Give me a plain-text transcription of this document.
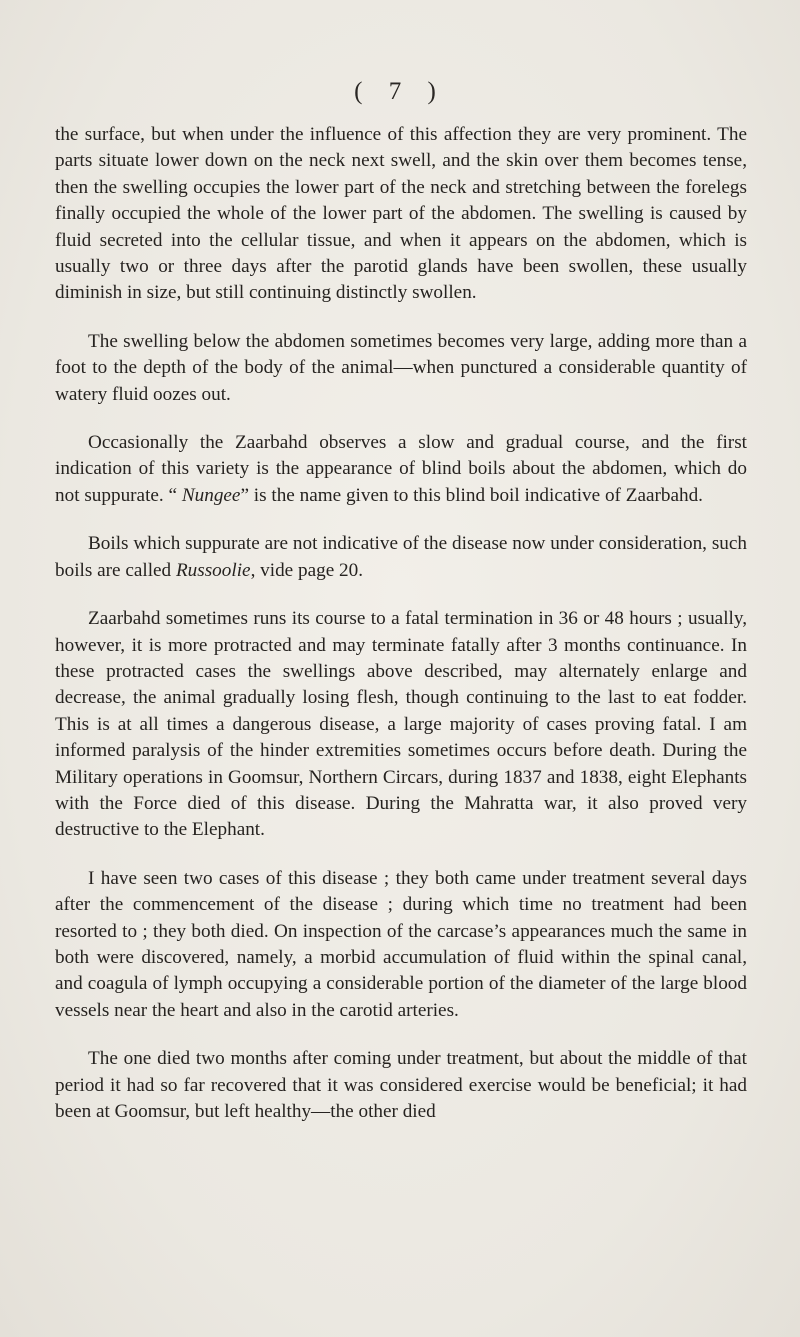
( 7 )

the surface, but when under the influence of this affection they are very prominent. The parts situate lower down on the neck next swell, and the skin over them becomes tense, then the swelling occupies the lower part of the neck and stretching between the forelegs finally occupied the whole of the lower part of the abdomen. The swelling is caused by fluid secreted into the cellular tissue, and when it appears on the abdomen, which is usually two or three days after the parotid glands have been swollen, these usually diminish in size, but still continuing distinctly swollen.

The swelling below the abdomen sometimes becomes very large, adding more than a foot to the depth of the body of the animal—when punctured a considerable quantity of watery fluid oozes out.

Occasionally the Zaarbahd observes a slow and gradual course, and the first indication of this variety is the appearance of blind boils about the abdomen, which do not suppurate. “ Nungee” is the name given to this blind boil indicative of Zaarbahd.

Boils which suppurate are not indicative of the disease now under consideration, such boils are called Russoolie, vide page 20.

Zaarbahd sometimes runs its course to a fatal termination in 36 or 48 hours ; usually, however, it is more protracted and may terminate fatally after 3 months continuance. In these protracted cases the swellings above described, may alternately enlarge and decrease, the animal gradually losing flesh, though continuing to the last to eat fodder. This is at all times a dangerous disease, a large majority of cases proving fatal. I am informed paralysis of the hinder extremities sometimes occurs before death. During the Military operations in Goomsur, Northern Circars, during 1837 and 1838, eight Elephants with the Force died of this disease. During the Mahratta war, it also proved very destructive to the Elephant.

I have seen two cases of this disease ; they both came under treatment several days after the commencement of the disease ; during which time no treatment had been resorted to ; they both died. On inspection of the carcase’s appearances much the same in both were discovered, namely, a morbid accumulation of fluid within the spinal canal, and coagula of lymph occupying a considerable portion of the diameter of the large blood vessels near the heart and also in the carotid arteries.

The one died two months after coming under treatment, but about the middle of that period it had so far recovered that it was considered exercise would be beneficial; it had been at Goomsur, but left healthy—the other died
